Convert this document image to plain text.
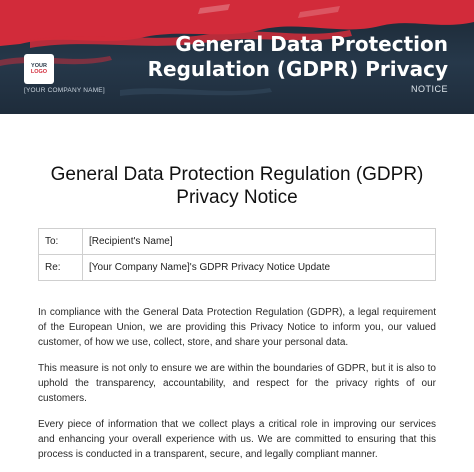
YOUR
LOGO
[YOUR COMPANY NAME]
General Data Protection Regulation (GDPR) Privacy
NOTICE
General Data Protection Regulation (GDPR) Privacy Notice
To:	[Recipient's Name]
Re:	[Your Company Name]'s GDPR Privacy Notice Update

In compliance with the General Data Protection Regulation (GDPR), a legal requirement of the European Union, we are providing this Privacy Notice to inform you, our valued customer, of how we use, collect, store, and share your personal data.

This measure is not only to ensure we are within the boundaries of GDPR, but it is also to uphold the transparency, accountability, and respect for the privacy rights of our customers.

Every piece of information that we collect plays a critical role in improving our services and enhancing your overall experience with us. We are committed to ensuring that this process is conducted in a transparent, secure, and legally compliant manner.
